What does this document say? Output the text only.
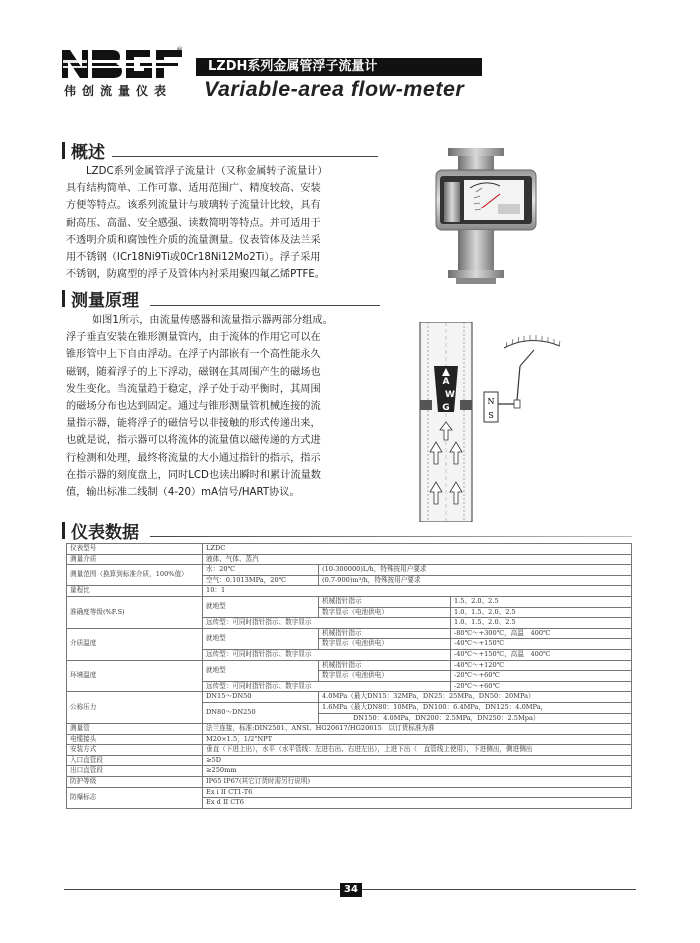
伟创流量仪表
®
LZDH系列金属管浮子流量计
Variable-area flow-meter
概述
LZDC系列金属管浮子流量计（又称金属转子流量计）
具有结构简单、工作可靠、适用范围广、精度较高、安装
方便等特点。该系列流量计与玻璃转子流量计比较，具有
耐高压、高温、安全感强、读数简明等特点。并可适用于
不透明介质和腐蚀性介质的流量测量。仪表管体及法兰采
用不锈钢（ICr18Ni9Ti或0Cr18Ni12Mo2Ti）。浮子采用
不锈钢，防腐型的浮子及管体内衬采用聚四氟乙烯PTFE。
测量原理
如图1所示，由流量传感器和流量指示器两部分组成。
浮子垂直安装在锥形测量管内，由于流体的作用它可以在
锥形管中上下自由浮动。在浮子内部嵌有一个高性能永久
磁钢，随着浮子的上下浮动，磁钢在其周围产生的磁场也
发生变化。当流量趋于稳定，浮子处于动平衡时，其周围
的磁场分布也达到固定。通过与锥形测量管机械连接的流
量指示器，能将浮子的磁信号以非接触的形式传递出来，
也就是说，指示器可以将流体的流量值以磁传递的方式进
行检测和处理，最终将流量的大小通过指针的指示，指示
在指示器的刻度盘上，同时LCD也读出瞬时和累计流量数
值，输出标准二线制（4-20）mA信号/HART协议。
A
W
G
N
S
仪表数据
仪表型号	LZDC		
测量介质	液体、气体、蒸汽		
测量范围（换算到标准介质，100%值）	水：20℃	(10-300000)L/h，特殊按用户要求	
	空气：0.1013MPa，20℃	(0.7-900)m³/h，特殊按用户要求	
量程比	10：1		
准确度等级(%F.S)	就地型	机械指针指示	1.5、2.0、2.5
		数字显示（电池供电）	1.0、1.5、2.0、2.5
	远传型：可同时指针指示、数字显示		1.0、1.5、2.0、2.5
介质温度	就地型	机械指针指示	-80℃～+300℃，高温　400℃
		数字显示（电池供电）	-40℃～+150℃
	远传型：可同时指针指示、数字显示		-40℃～+150℃，高温　400℃
环境温度	就地型	机械指针指示	-40℃～+120℃
		数字显示（电池供电）	-20℃～+60℃
	远传型：可同时指针指示、数字显示		-20℃～+60℃
公称压力	DN15～DN50	4.0MPa（最大DN15：32MPa，DN25：25MPa，DN50：20MPa）	
	DN80～DN250	1.6MPa（最大DN80：10MPa，DN100：6.4MPa，DN125：4.0MPa，	
		DN150：4.0MPa，DN200：2.5MPa，DN250：2.5Mpa）	
测量管	法兰连接，标准:DIN2501、ANSI、HG20617/HG20615　以订货标准为准		
电缆接头	M20×1.5，1/2"NPT		
安装方式	垂直（下进上出），水平（水平管线：左进右出、右进左出），上进下出（　直管线上使用），下进侧出，侧进侧出		
入口直管段	≥5D		
出口直管段	≥250mm		
防护等级	IP65 IP67(其它订货时需另行说明)		
防爆标志	Ex i II CT1-T6		
	Ex d II CT6		
34
